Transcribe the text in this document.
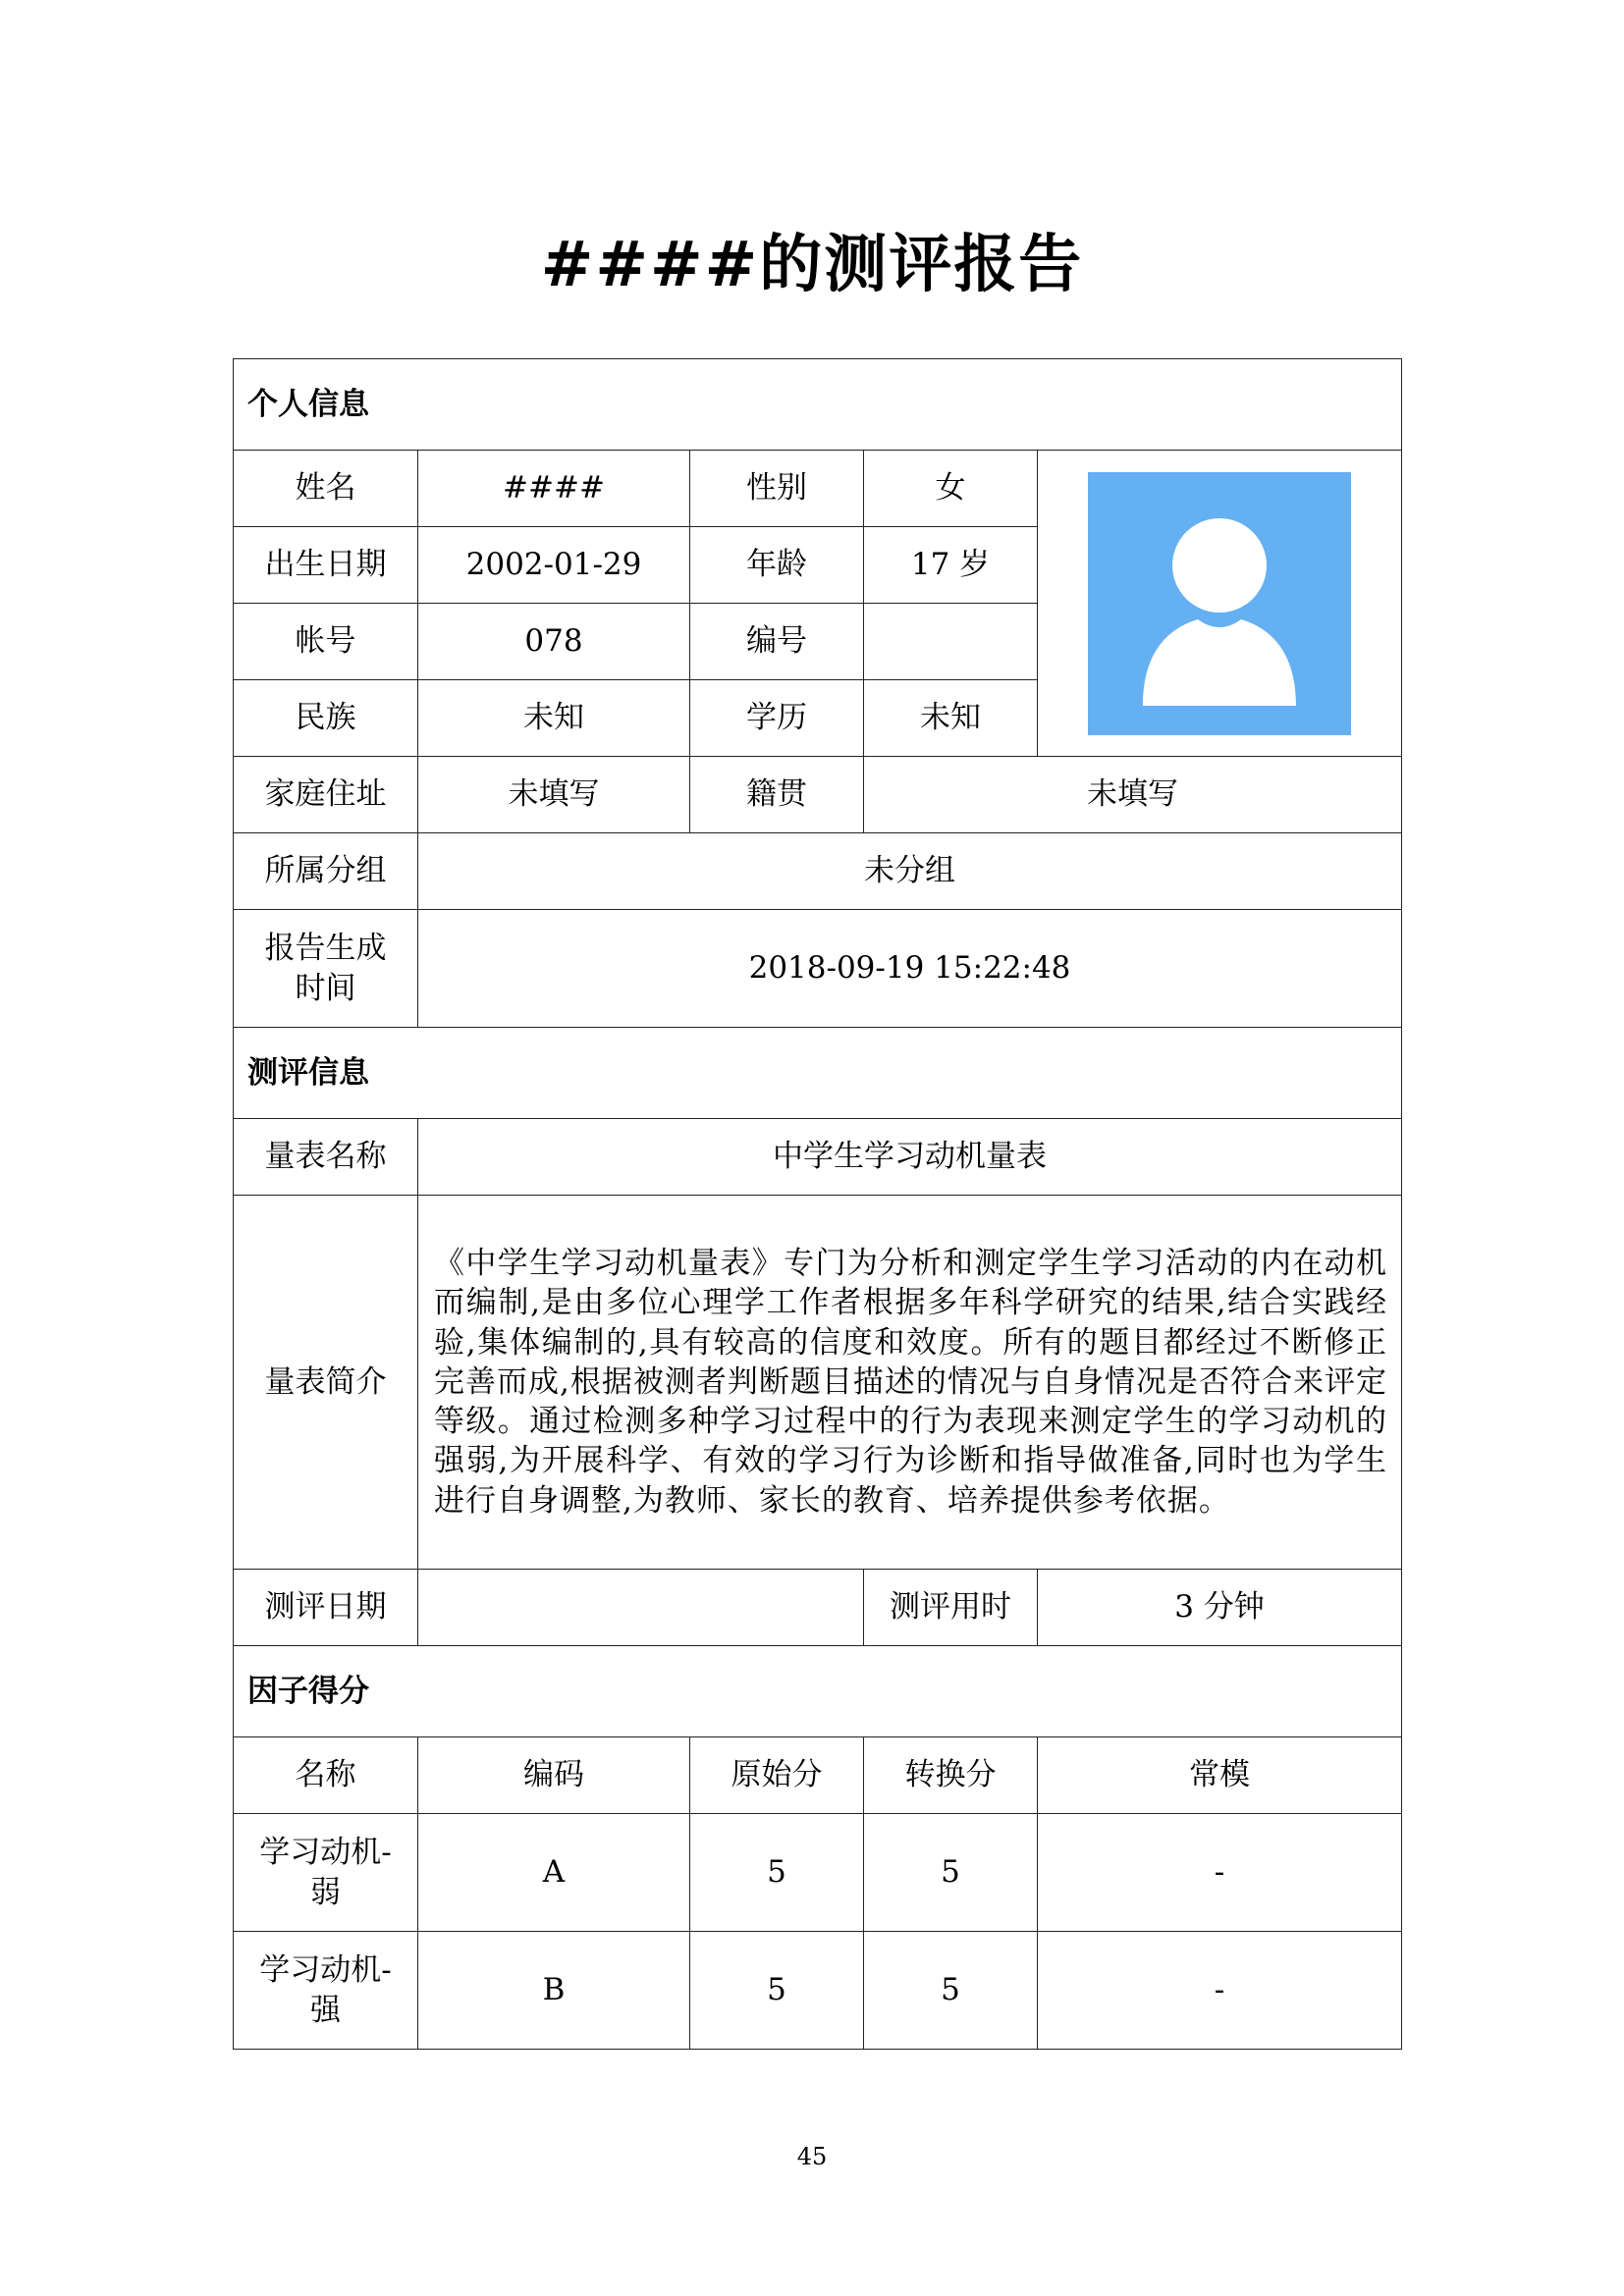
####的测评报告
个人信息				
姓名	####	性别	女	

出生日期	2002-01-29	年龄	17 岁	
帐号	078	编号		
民族	未知	学历	未知	
家庭住址	未填写	籍贯	未填写	
所属分组	未分组			

报告生成
时间	2018-09-19 15:22:48			
测评信息				
量表名称	中学生学习动机量表			
量表简介	《中学生学习动机量表》专门为分析和测定学生学习活动的内在动机而编制,是由多位心理学工作者根据多年科学研究的结果,结合实践经验,集体编制的,具有较高的信度和效度。所有的题目都经过不断修正完善而成,根据被测者判断题目描述的情况与自身情况是否符合来评定等级。通过检测多种学习过程中的行为表现来测定学生的学习动机的强弱,为开展科学、有效的学习行为诊断和指导做准备,同时也为学生进行自身调整,为教师、家长的教育、培养提供参考依据。			
测评日期			测评用时	3 分钟
因子得分				
名称	编码	原始分	转换分	常模

学习动机-
弱	A	5	5	-

学习动机-
强	B	5	5	-
45
